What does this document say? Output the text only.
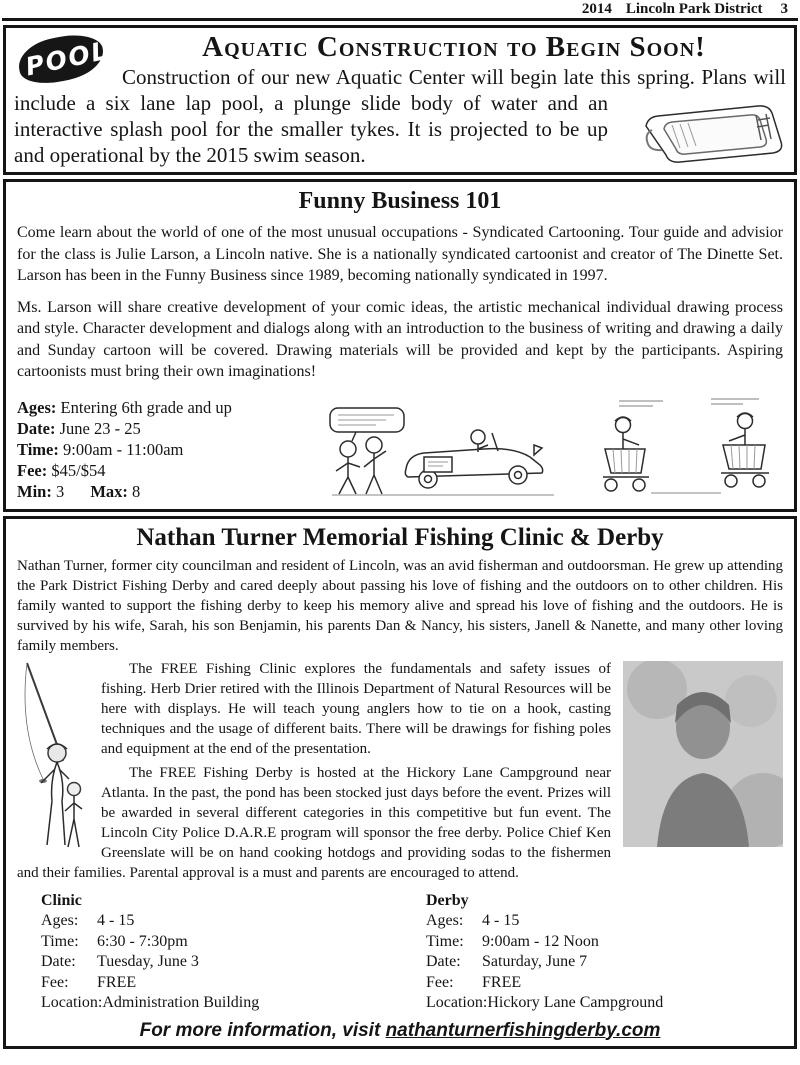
2014 Lincoln Park District 3
POOL	Aquatic Construction to Begin Soon!

Construction of our new Aquatic Center will begin late this spring. Plans will include a six lane lap pool, a plunge slide body of water and
an interactive splash pool for the smaller tykes. It is projected to be up and operational by the 2015 swim season.

Funny Business 101

Come learn about the world of one of the most unusual occupations - Syndicated Cartooning. Tour guide and advisior for the class is Julie Larson, a Lincoln native. She is a nationally syndicated cartoonist and creator of The Dinette Set. Larson has been in the Funny Business since 1989, becoming nationally syndicated in 1997.

Ms. Larson will share creative development of your comic ideas, the artistic mechanical individual drawing process and style. Character development and dialogs along with an introduction to the business of writing and drawing a daily and Sunday cartoon will be covered. Drawing materials will be provided and kept by the participants. Aspiring cartoonists must bring their own imaginations!

Ages: Entering 6th grade and up
Date: June 23 - 25
Time: 9:00am - 11:00am
Fee: $45/$54
Min: 3 Max: 8
Nathan Turner Memorial Fishing Clinic & Derby

Nathan Turner, former city councilman and resident of Lincoln, was an avid fisherman and outdoorsman. He grew up attending the Park District Fishing Derby and cared deeply about passing his love of fishing and the outdoors on to other children. His family wanted to support the fishing derby to keep his memory alive and spread his love of fishing and the outdoors. He is survived by his wife, Sarah, his son Benjamin, his parents Dan & Nancy, his sisters, Janell & Nanette, and many other loving family members.

The FREE Fishing Clinic explores the fundamentals and safety issues of fishing. Herb Drier retired with the Illinois Department of Natural Resources will be here with displays. He will teach young anglers how to tie on a hook, casting techniques and the usage of different baits. There will be drawings for fishing poles and equipment at the end of the presentation.

The FREE Fishing Derby is hosted at the Hickory Lane Campground near Atlanta. In the past, the pond has been stocked just days before the event. Prizes will be awarded in several different categories in this competitive but fun event. The Lincoln City Police D.A.R.E program will sponsor the free derby. Police Chief Ken Greenslate will be on hand cooking hotdogs and providing sodas to the fishermen and their families. Parental approval is a must and parents are encouraged to attend.

Clinic
Ages: 4 - 15
Time: 6:30 - 7:30pm
Date: Tuesday, June 3
Fee: FREE
Location:Administration Building
Derby
Ages: 4 - 15
Time: 9:00am - 12 Noon
Date: Saturday, June 7
Fee: FREE
Location:Hickory Lane Campground
For more information, visit nathanturnerfishingderby.com
